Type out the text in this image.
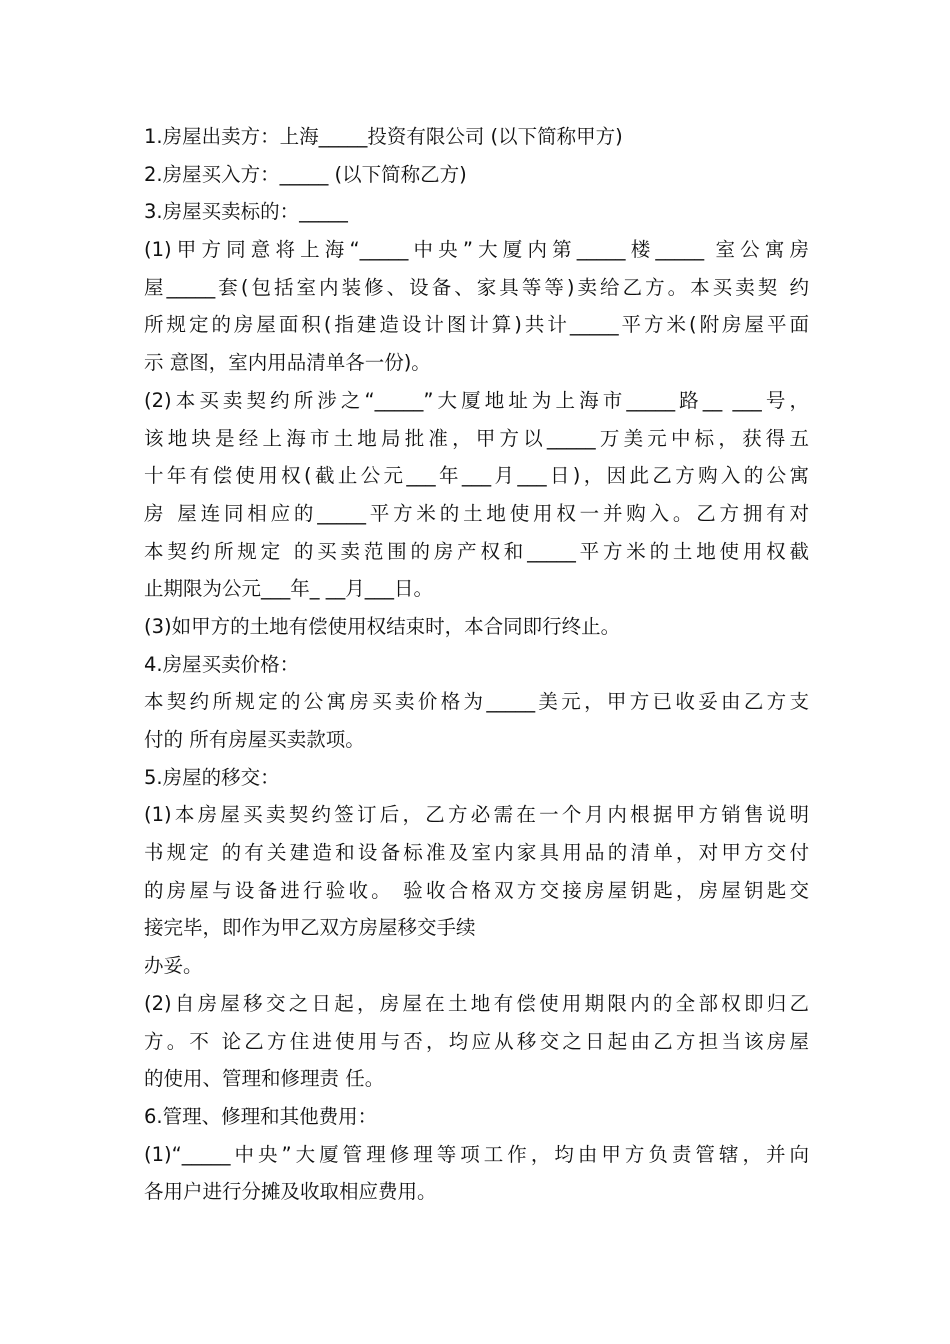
1.房屋出卖方：上海_____投资有限公司 (以下简称甲方)
2.房屋买入方：_____ (以下简称乙方)
3.房屋买卖标的：_____
(1)甲方同意将上海“_____中央”大厦内第_____楼_____ 室公寓房
屋_____套(包括室内装修、设备、家具等等)卖给乙方。本买卖契 约
所规定的房屋面积(指建造设计图计算)共计_____平方米(附房屋平面
示 意图，室内用品清单各一份)。
(2)本买卖契约所涉之“_____”大厦地址为上海市_____路__ ___号，
该地块是经上海市土地局批准，甲方以_____万美元中标，获得五
十年有偿使用权(截止公元___年___月___日)，因此乙方购入的公寓
房 屋连同相应的_____平方米的土地使用权一并购入。乙方拥有对
本契约所规定 的买卖范围的房产权和_____平方米的土地使用权截
止期限为公元___年_ __月___日。
(3)如甲方的土地有偿使用权结束时，本合同即行终止。
4.房屋买卖价格：
本契约所规定的公寓房买卖价格为_____美元，甲方已收妥由乙方支
付的 所有房屋买卖款项。
5.房屋的移交：
(1)本房屋买卖契约签订后，乙方必需在一个月内根据甲方销售说明
书规定 的有关建造和设备标准及室内家具用品的清单，对甲方交付
的房屋与设备进行验收。 验收合格双方交接房屋钥匙，房屋钥匙交
接完毕，即作为甲乙双方房屋移交手续
办妥。
(2)自房屋移交之日起，房屋在土地有偿使用期限内的全部权即归乙
方。不 论乙方住进使用与否，均应从移交之日起由乙方担当该房屋
的使用、管理和修理责 任。
6.管理、修理和其他费用：
(1)“_____中央”大厦管理修理等项工作，均由甲方负责管辖，并向
各用户进行分摊及收取相应费用。
